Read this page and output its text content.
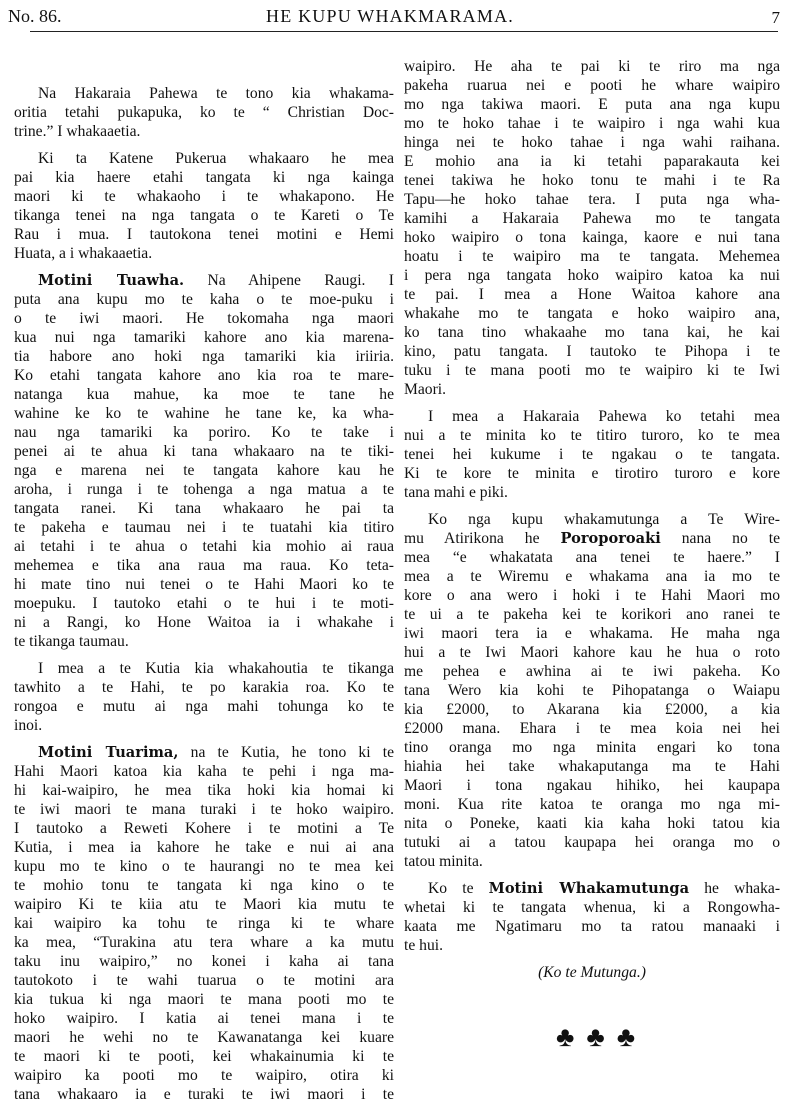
No. 86.	HE KUPU WHAKMARAMA.	7
Na Hakaraia Pahewa te tono kia whakama-
oritia tetahi pukapuka, ko te “ Christian Doc-
trine.” I whakaaetia.
Ki ta Katene Pukerua whakaaro he mea
pai kia haere etahi tangata ki nga kainga
maori ki te whakaoho i te whakapono. He
tikanga tenei na nga tangata o te Kareti o Te
Rau i mua. I tautokona tenei motini e Hemi
Huata, a i whakaaetia.
Motini Tuawha. Na Ahipene Raugi. I
puta ana kupu mo te kaha o te moe-puku i
o te iwi maori. He tokomaha nga maori
kua nui nga tamariki kahore ano kia marena-
tia habore ano hoki nga tamariki kia iriiria.
Ko etahi tangata kahore ano kia roa te mare-
natanga kua mahue, ka moe te tane he
wahine ke ko te wahine he tane ke, ka wha-
nau nga tamariki ka poriro. Ko te take i
penei ai te ahua ki tana whakaaro na te tiki-
nga e marena nei te tangata kahore kau he
aroha, i runga i te tohenga a nga matua a te
tangata ranei. Ki tana whakaaro he pai ta
te pakeha e taumau nei i te tuatahi kia titiro
ai tetahi i te ahua o tetahi kia mohio ai raua
mehemea e tika ana raua ma raua. Ko teta-
hi mate tino nui tenei o te Hahi Maori ko te
moepuku. I tautoko etahi o te hui i te moti-
ni a Rangi, ko Hone Waitoa ia i whakahe i
te tikanga taumau.
I mea a te Kutia kia whakahoutia te tikanga
tawhito a te Hahi, te po karakia roa. Ko te
rongoa e mutu ai nga mahi tohunga ko te
inoi.
Motini Tuarima, na te Kutia, he tono ki te
Hahi Maori katoa kia kaha te pehi i nga ma-
hi kai-waipiro, he mea tika hoki kia homai ki
te iwi maori te mana turaki i te hoko waipiro.
I tautoko a Reweti Kohere i te motini a Te
Kutia, i mea ia kahore he take e nui ai ana
kupu mo te kino o te haurangi no te mea kei
te mohio tonu te tangata ki nga kino o te
waipiro Ki te kiia atu te Maori kia mutu te
kai waipiro ka tohu te ringa ki te whare
ka mea, “Turakina atu tera whare a ka mutu
taku inu waipiro,” no konei i kaha ai tana
tautokoto i te wahi tuarua o te motini ara
kia tukua ki nga maori te mana pooti mo te
hoko waipiro. I katia ai tenei mana i te
maori he wehi no te Kawanatanga kei kuare
te maori ki te pooti, kei whakainumia ki te
waipiro ka pooti mo te waipiro, otira ki
tana whakaaro ia e turaki te iwi maori i te
waipiro. He aha te pai ki te riro ma nga
pakeha ruarua nei e pooti he whare waipiro
mo nga takiwa maori. E puta ana nga kupu
mo te hoko tahae i te waipiro i nga wahi kua
hinga nei te hoko tahae i nga wahi raihana.
E mohio ana ia ki tetahi paparakauta kei
tenei takiwa he hoko tonu te mahi i te Ra
Tapu—he hoko tahae tera. I puta nga wha-
kamihi a Hakaraia Pahewa mo te tangata
hoko waipiro o tona kainga, kaore e nui tana
hoatu i te waipiro ma te tangata. Mehemea
i pera nga tangata hoko waipiro katoa ka nui
te pai. I mea a Hone Waitoa kahore ana
whakahe mo te tangata e hoko waipiro ana,
ko tana tino whakaahe mo tana kai, he kai
kino, patu tangata. I tautoko te Pihopa i te
tuku i te mana pooti mo te waipiro ki te Iwi
Maori.
I mea a Hakaraia Pahewa ko tetahi mea
nui a te minita ko te titiro turoro, ko te mea
tenei hei kukume i te ngakau o te tangata.
Ki te kore te minita e tirotiro turoro e kore
tana mahi e piki.
Ko nga kupu whakamutunga a Te Wire-
mu Atirikona he Poroporoaki nana no te
mea “e whakatata ana tenei te haere.” I
mea a te Wiremu e whakama ana ia mo te
kore o ana wero i hoki i te Hahi Maori mo
te ui a te pakeha kei te korikori ano ranei te
iwi maori tera ia e whakama. He maha nga
hui a te Iwi Maori kahore kau he hua o roto
me pehea e awhina ai te iwi pakeha. Ko
tana Wero kia kohi te Pihopatanga o Waiapu
kia £2000, to Akarana kia £2000, a kia
£2000 mana. Ehara i te mea koia nei hei
tino oranga mo nga minita engari ko tona
hiahia hei take whakaputanga ma te Hahi
Maori i tona ngakau hihiko, hei kaupapa
moni. Kua rite katoa te oranga mo nga mi-
nita o Poneke, kaati kia kaha hoki tatou kia
tutuki ai a tatou kaupapa hei oranga mo o
tatou minita.
Ko te Motini Whakamutunga he whaka-
whetai ki te tangata whenua, ki a Rongowha-
kaata me Ngatimaru mo ta ratou manaaki i
te hui.
(Ko te Mutunga.)
♣♣♣
